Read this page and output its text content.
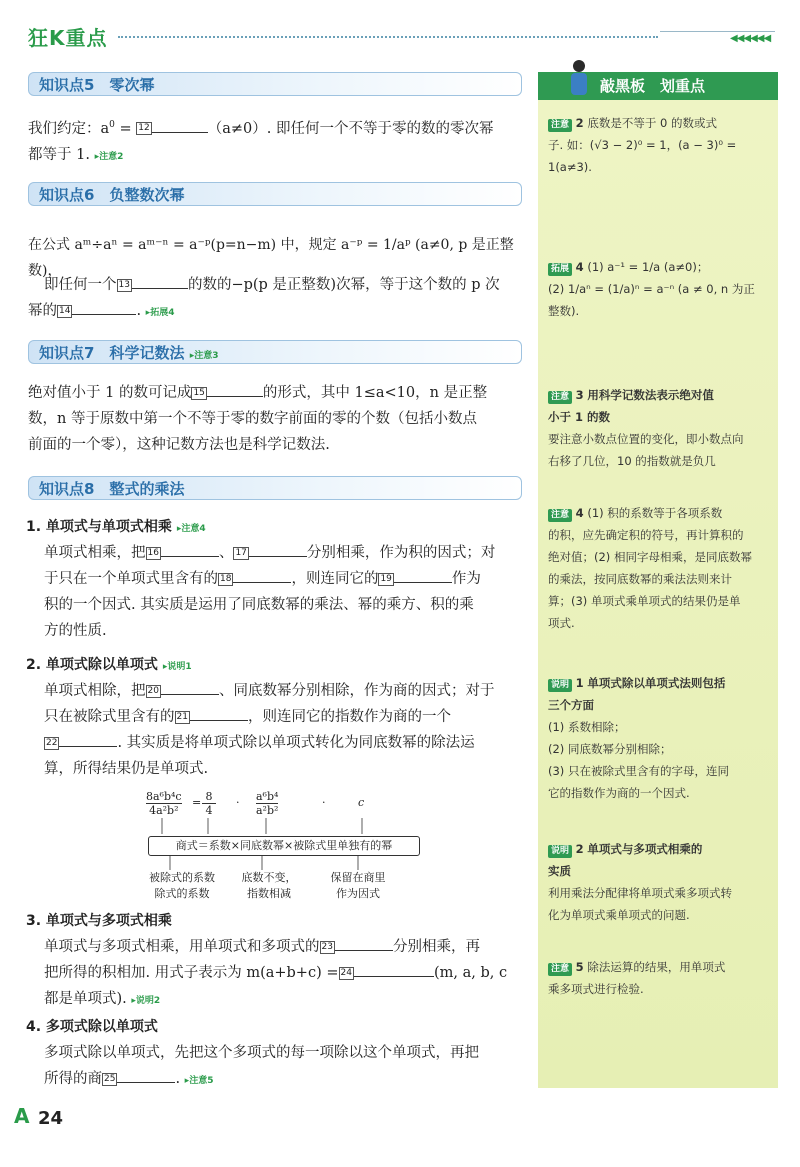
狂K重点	◀◀◀◀◀◀
知识点5　零次幂
我们约定：$a^0 = 12$	（a≠0）. 即任何一个不等于零的数的零次幂
都等于 1. ▸注意2
知识点6　负整数次幂
在公式 aᵐ÷aⁿ = aᵐ⁻ⁿ = a⁻ᵖ(p=n−m) 中，规定 a⁻ᵖ = 1/aᵖ (a≠0, p 是正整数)，
即任何一个 13	的数的−p(p 是正整数)次幂，等于这个数的 p 次
幂的 14	. ▸拓展4
知识点7　科学记数法 ▸注意3
绝对值小于 1 的数可记成 15	的形式，其中 1≤a<10，n 是正整
数，n 等于原数中第一个不等于零的数字前面的零的个数（包括小数点
前面的一个零），这种记数方法也是科学记数法.
知识点8　整式的乘法
1. 单项式与单项式相乘 ▸注意4
单项式相乘，把 16	、 17	分别相乘，作为积的因式；对
于只在一个单项式里含有的 18	，则连同它的 19	作为
积的一个因式. 其实质是运用了同底数幂的乘法、幂的乘方、积的乘
方的性质.
2. 单项式除以单项式 ▸说明1
单项式相除，把 20	、同底数幂分别相除，作为商的因式；对于
只在被除式里含有的 21	，则连同它的指数作为商的一个
22	. 其实质是将单项式除以单项式转化为同底数幂的除法运
算，所得结果仍是单项式.
8a⁶b⁴c
4a²b²
= 8
4
· a⁶b⁴
a²b²
·	c
商式＝系数×同底数幂×被除式里单独有的幂
被除式的系数
除式的系数
底数不变，
指数相减
保留在商里
作为因式
3. 单项式与多项式相乘
单项式与多项式相乘，用单项式和多项式的 23	分别相乘，再
把所得的积相加. 用式子表示为 m(a+b+c) = 24	(m, a, b, c
都是单项式). ▸说明2
4. 多项式除以单项式
多项式除以单项式，先把这个多项式的每一项除以这个单项式，再把
所得的商 25	. ▸注意5
敲黑板　划重点
注意 2 底数是不等于 0 的数或式
子. 如：(√3 − 2)⁰ = 1，(a − 3)⁰ =
1(a≠3).
拓展 4 (1) a⁻¹ = 1/a (a≠0)；
(2) 1/aⁿ = (1/a)ⁿ = a⁻ⁿ (a ≠ 0, n 为正
整数).
注意 3 用科学记数法表示绝对值
小于 1 的数
要注意小数点位置的变化，即小数点向
右移了几位，10 的指数就是负几
注意 4 (1) 积的系数等于各项系数
的积，应先确定积的符号，再计算积的
绝对值；(2) 相同字母相乘，是同底数幂
的乘法，按同底数幂的乘法法则来计
算；(3) 单项式乘单项式的结果仍是单
项式.
说明 1 单项式除以单项式法则包括
三个方面
(1) 系数相除；
(2) 同底数幂分别相除；
(3) 只在被除式里含有的字母，连同
它的指数作为商的一个因式.
说明 2 单项式与多项式相乘的
实质
利用乘法分配律将单项式乘多项式转
化为单项式乘单项式的问题.
注意 5 除法运算的结果，用单项式
乘多项式进行检验.
A 24
